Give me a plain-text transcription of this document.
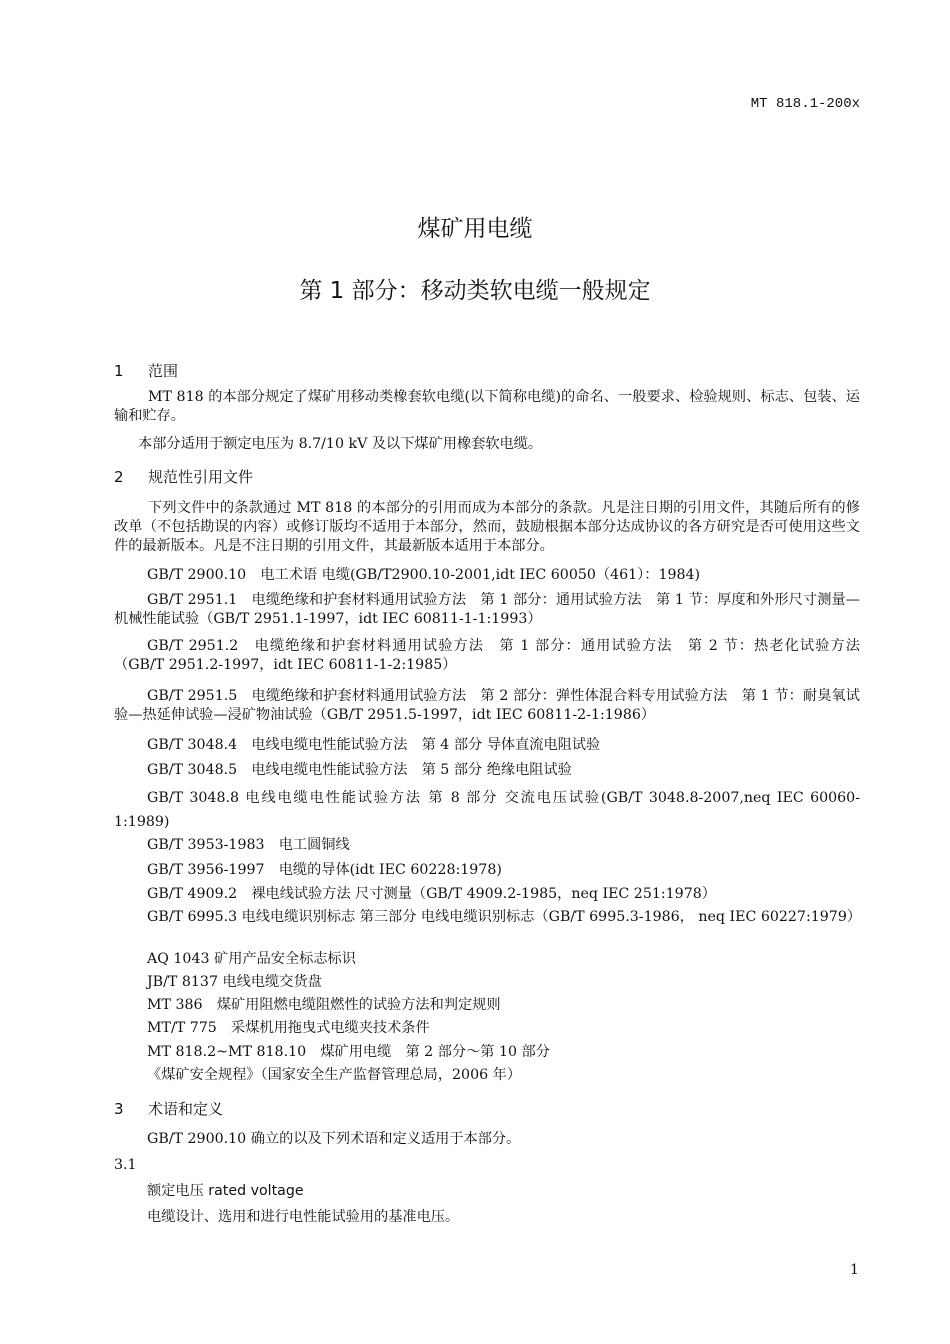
MT 818.1-200x
煤矿用电缆
第 1 部分：移动类软电缆一般规定
1 范围
MT 818 的本部分规定了煤矿用移动类橡套软电缆(以下简称电缆)的命名、一般要求、检验规则、标志、包装、运输和贮存。
本部分适用于额定电压为 8.7/10 kV 及以下煤矿用橡套软电缆。
2 规范性引用文件
下列文件中的条款通过 MT 818 的本部分的引用而成为本部分的条款。凡是注日期的引用文件，其随后所有的修改单（不包括勘误的内容）或修订版均不适用于本部分，然而，鼓励根据本部分达成协议的各方研究是否可使用这些文件的最新版本。凡是不注日期的引用文件，其最新版本适用于本部分。
GB/T 2900.10　电工术语 电缆(GB/T2900.10-2001,idt IEC 60050（461）：1984)
GB/T 2951.1　电缆绝缘和护套材料通用试验方法　第 1 部分：通用试验方法　第 1 节：厚度和外形尺寸测量—机械性能试验（GB/T 2951.1-1997，idt IEC 60811-1-1:1993）
GB/T 2951.2　电缆绝缘和护套材料通用试验方法　第 1 部分：通用试验方法　第 2 节：热老化试验方法（GB/T 2951.2-1997，idt IEC 60811-1-2:1985）
GB/T 2951.5　电缆绝缘和护套材料通用试验方法　第 2 部分：弹性体混合料专用试验方法　第 1 节：耐臭氧试验—热延伸试验—浸矿物油试验（GB/T 2951.5-1997，idt IEC 60811-2-1:1986）
GB/T 3048.4　电线电缆电性能试验方法　第 4 部分 导体直流电阻试验
GB/T 3048.5　电线电缆电性能试验方法　第 5 部分 绝缘电阻试验
GB/T 3048.8 电线电缆电性能试验方法 第 8 部分 交流电压试验(GB/T 3048.8-2007,neq IEC 60060-1:1989)
GB/T 3953-1983　电工圆铜线
GB/T 3956-1997　电缆的导体(idt IEC 60228:1978)
GB/T 4909.2　裸电线试验方法 尺寸测量（GB/T 4909.2-1985，neq IEC 251:1978）
GB/T 6995.3 电线电缆识别标志 第三部分 电线电缆识别标志（GB/T 6995.3-1986， neq IEC 60227:1979）
AQ 1043 矿用产品安全标志标识
JB/T 8137 电线电缆交货盘
MT 386　煤矿用阻燃电缆阻燃性的试验方法和判定规则
MT/T 775　采煤机用拖曳式电缆夹技术条件
MT 818.2~MT 818.10　煤矿用电缆　第 2 部分～第 10 部分
《煤矿安全规程》（国家安全生产监督管理总局，2006 年）
3 术语和定义
GB/T 2900.10 确立的以及下列术语和定义适用于本部分。
3.1
额定电压 rated voltage
电缆设计、选用和进行电性能试验用的基准电压。
1
